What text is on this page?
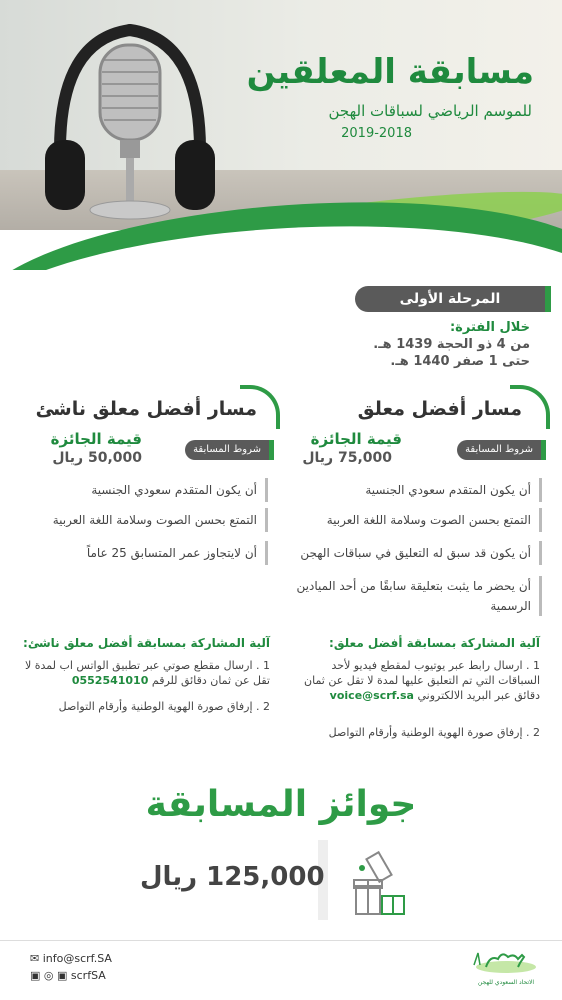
مسابقة المعلقين
للموسم الرياضي لسباقات الهجن
2019-2018
المرحلة الأولى
خلال الفترة:
من 4 ذو الحجة 1439 هـ.
حتى 1 صفر 1440 هـ.
مسار أفضل معلق
شروط المسابقة
قيمة الجائزة
75,000 ريال
أن يكون المتقدم سعودي الجنسية
التمتع بحسن الصوت وسلامة اللغة العربية
أن يكون قد سبق له التعليق في سباقات الهجن
أن يحضر ما يثبت بتعليقة سابقًا من أحد الميادين الرسمية
مسار أفضل معلق ناشئ
شروط المسابقة
قيمة الجائزة
50,000 ريال
أن يكون المتقدم سعودي الجنسية
التمتع بحسن الصوت وسلامة اللغة العربية
أن لايتجاوز عمر المتسابق 25 عاماً
آلية المشاركة بمسابقة أفضل معلق:
1 . ارسال رابط عبر يوتيوب لمقطع فيديو لأحد السباقات التي تم التعليق عليها لمدة لا تقل عن ثمان دقائق عبر البريد الالكتروني voice@scrf.sa
2 . إرفاق صورة الهوية الوطنية وأرقام التواصل
آلية المشاركة بمسابقة أفضل معلق ناشئ:
1 . ارسال مقطع صوتي عبر تطبيق الواتس اب لمدة لا تقل عن ثمان دقائق للرقم 0552541010
2 . إرفاق صورة الهوية الوطنية وأرقام التواصل
جوائز المسابقة
125,000 ريال
✉ info@scrf.SA
▣ ◎ ▣ scrfSA
الاتحاد السعودي للهجن
